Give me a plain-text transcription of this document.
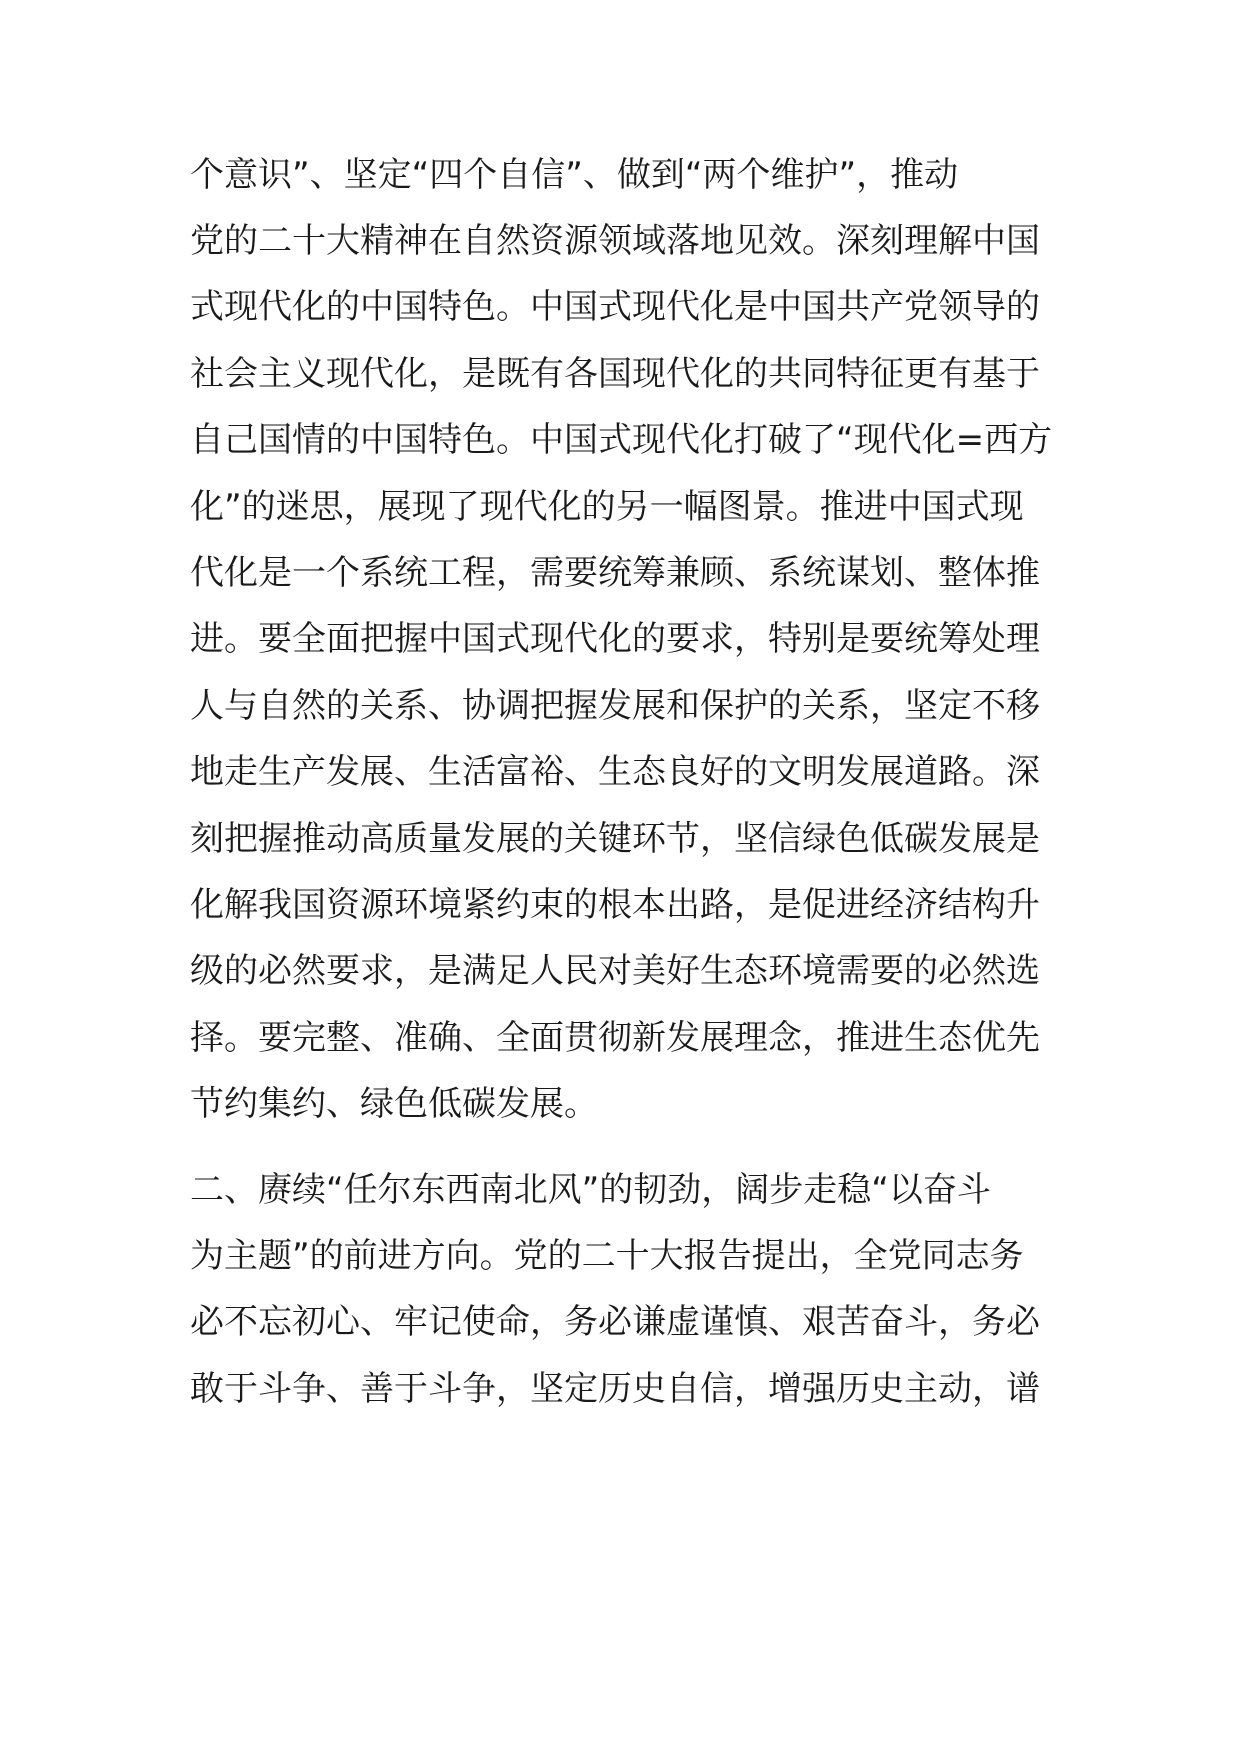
个意识”、坚定“四个自信”、做到“两个维护”，推动
党的二十大精神在自然资源领域落地见效。深刻理解中国
式现代化的中国特色。中国式现代化是中国共产党领导的
社会主义现代化，是既有各国现代化的共同特征更有基于
自己国情的中国特色。中国式现代化打破了“现代化=西方
化”的迷思，展现了现代化的另一幅图景。推进中国式现
代化是一个系统工程，需要统筹兼顾、系统谋划、整体推
进。要全面把握中国式现代化的要求，特别是要统筹处理
人与自然的关系、协调把握发展和保护的关系，坚定不移
地走生产发展、生活富裕、生态良好的文明发展道路。深
刻把握推动高质量发展的关键环节，坚信绿色低碳发展是
化解我国资源环境紧约束的根本出路，是促进经济结构升
级的必然要求，是满足人民对美好生态环境需要的必然选
择。要完整、准确、全面贯彻新发展理念，推进生态优先
节约集约、绿色低碳发展。
二、赓续“任尔东西南北风”的韧劲，阔步走稳“以奋斗
为主题”的前进方向。党的二十大报告提出，全党同志务
必不忘初心、牢记使命，务必谦虚谨慎、艰苦奋斗，务必
敢于斗争、善于斗争，坚定历史自信，增强历史主动，谱
